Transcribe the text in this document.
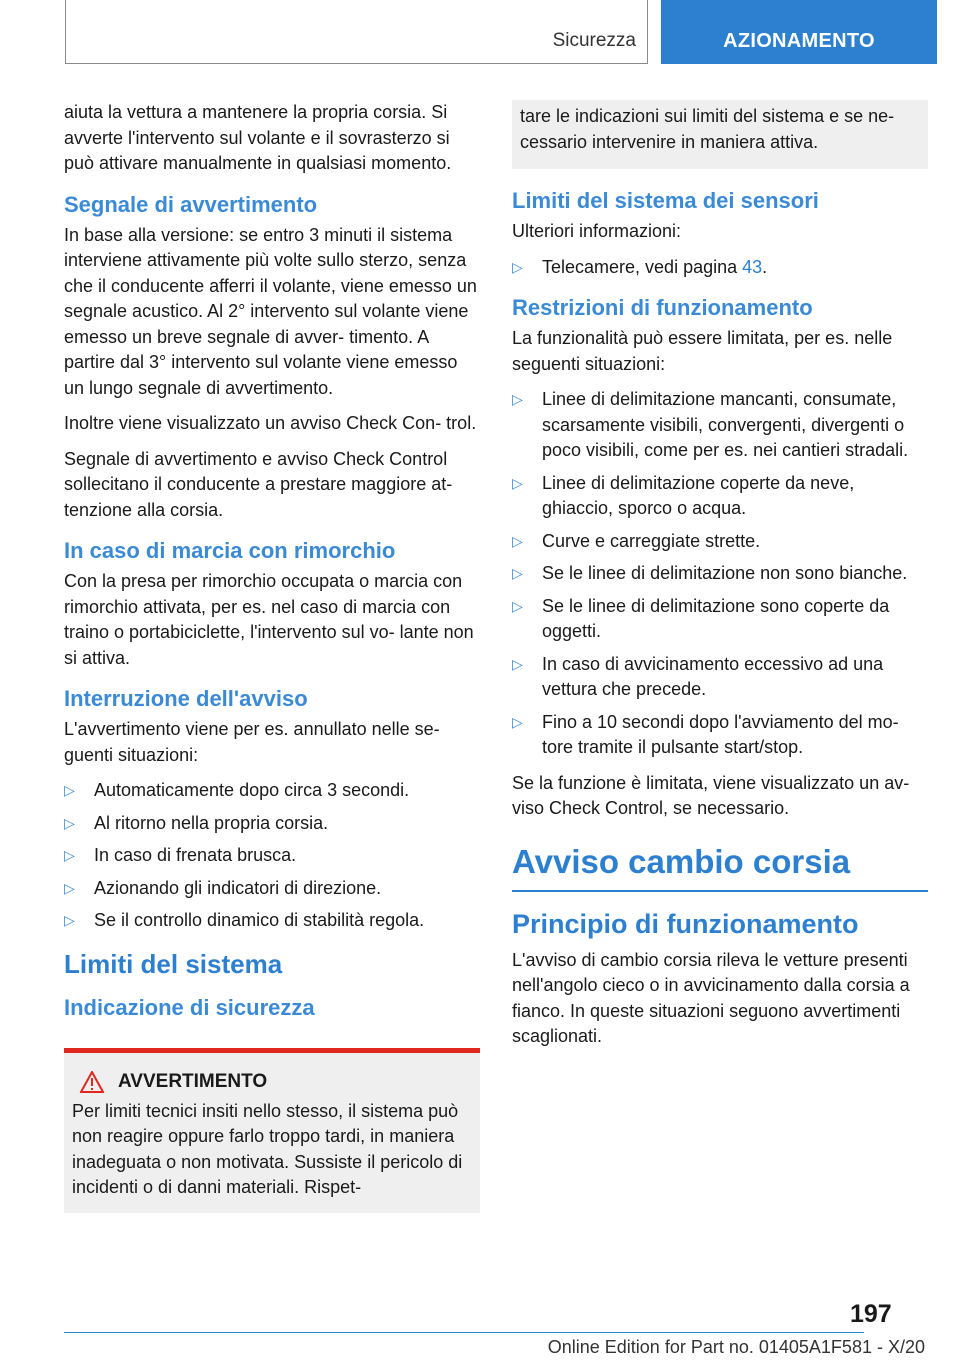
Sicurezza	AZIONAMENTO

aiuta la vettura a mantenere la propria corsia. Si avverte l'intervento sul volante e il sovrasterzo si può attivare manualmente in qualsiasi momento.

Segnale di avvertimento

In base alla versione: se entro 3 minuti il sistema interviene attivamente più volte sullo sterzo, senza che il conducente afferri il volante, viene emesso un segnale acustico. Al 2° intervento sul volante viene emesso un breve segnale di avver- timento. A partire dal 3° intervento sul volante viene emesso un lungo segnale di avvertimento.

Inoltre viene visualizzato un avviso Check Con- trol.

Segnale di avvertimento e avviso Check Control sollecitano il conducente a prestare maggiore at- tenzione alla corsia.

In caso di marcia con rimorchio

Con la presa per rimorchio occupata o marcia con rimorchio attivata, per es. nel caso di marcia con traino o portabiciclette, l'intervento sul vo- lante non si attiva.

Interruzione dell'avviso

L'avvertimento viene per es. annullato nelle se- guenti situazioni:

▷ Automaticamente dopo circa 3 secondi.
▷ Al ritorno nella propria corsia.
▷ In caso di frenata brusca.
▷ Azionando gli indicatori di direzione.
▷ Se il controllo dinamico di stabilità regola.
Limiti del sistema
Indicazione di sicurezza
AVVERTIMENTO

Per limiti tecnici insiti nello stesso, il sistema può non reagire oppure farlo troppo tardi, in maniera inadeguata o non motivata. Sussiste il pericolo di incidenti o di danni materiali. Rispet-

tare le indicazioni sui limiti del sistema e se ne- cessario intervenire in maniera attiva.

Limiti del sistema dei sensori

Ulteriori informazioni:

▷ Telecamere, vedi pagina 43.
Restrizioni di funzionamento

La funzionalità può essere limitata, per es. nelle seguenti situazioni:

▷ Linee di delimitazione mancanti, consumate, scarsamente visibili, convergenti, divergenti o poco visibili, come per es. nei cantieri stradali.
▷ Linee di delimitazione coperte da neve, ghiaccio, sporco o acqua.
▷ Curve e carreggiate strette.
▷ Se le linee di delimitazione non sono bianche.
▷ Se le linee di delimitazione sono coperte da oggetti.
▷ In caso di avvicinamento eccessivo ad una vettura che precede.
▷ Fino a 10 secondi dopo l'avviamento del mo- tore tramite il pulsante start/stop.

Se la funzione è limitata, viene visualizzato un av- viso Check Control, se necessario.

Avviso cambio corsia
Principio di funzionamento

L'avviso di cambio corsia rileva le vetture presenti nell'angolo cieco o in avvicinamento dalla corsia a fianco. In queste situazioni seguono avvertimenti scaglionati.

197
Online Edition for Part no. 01405A1F581 - X/20
